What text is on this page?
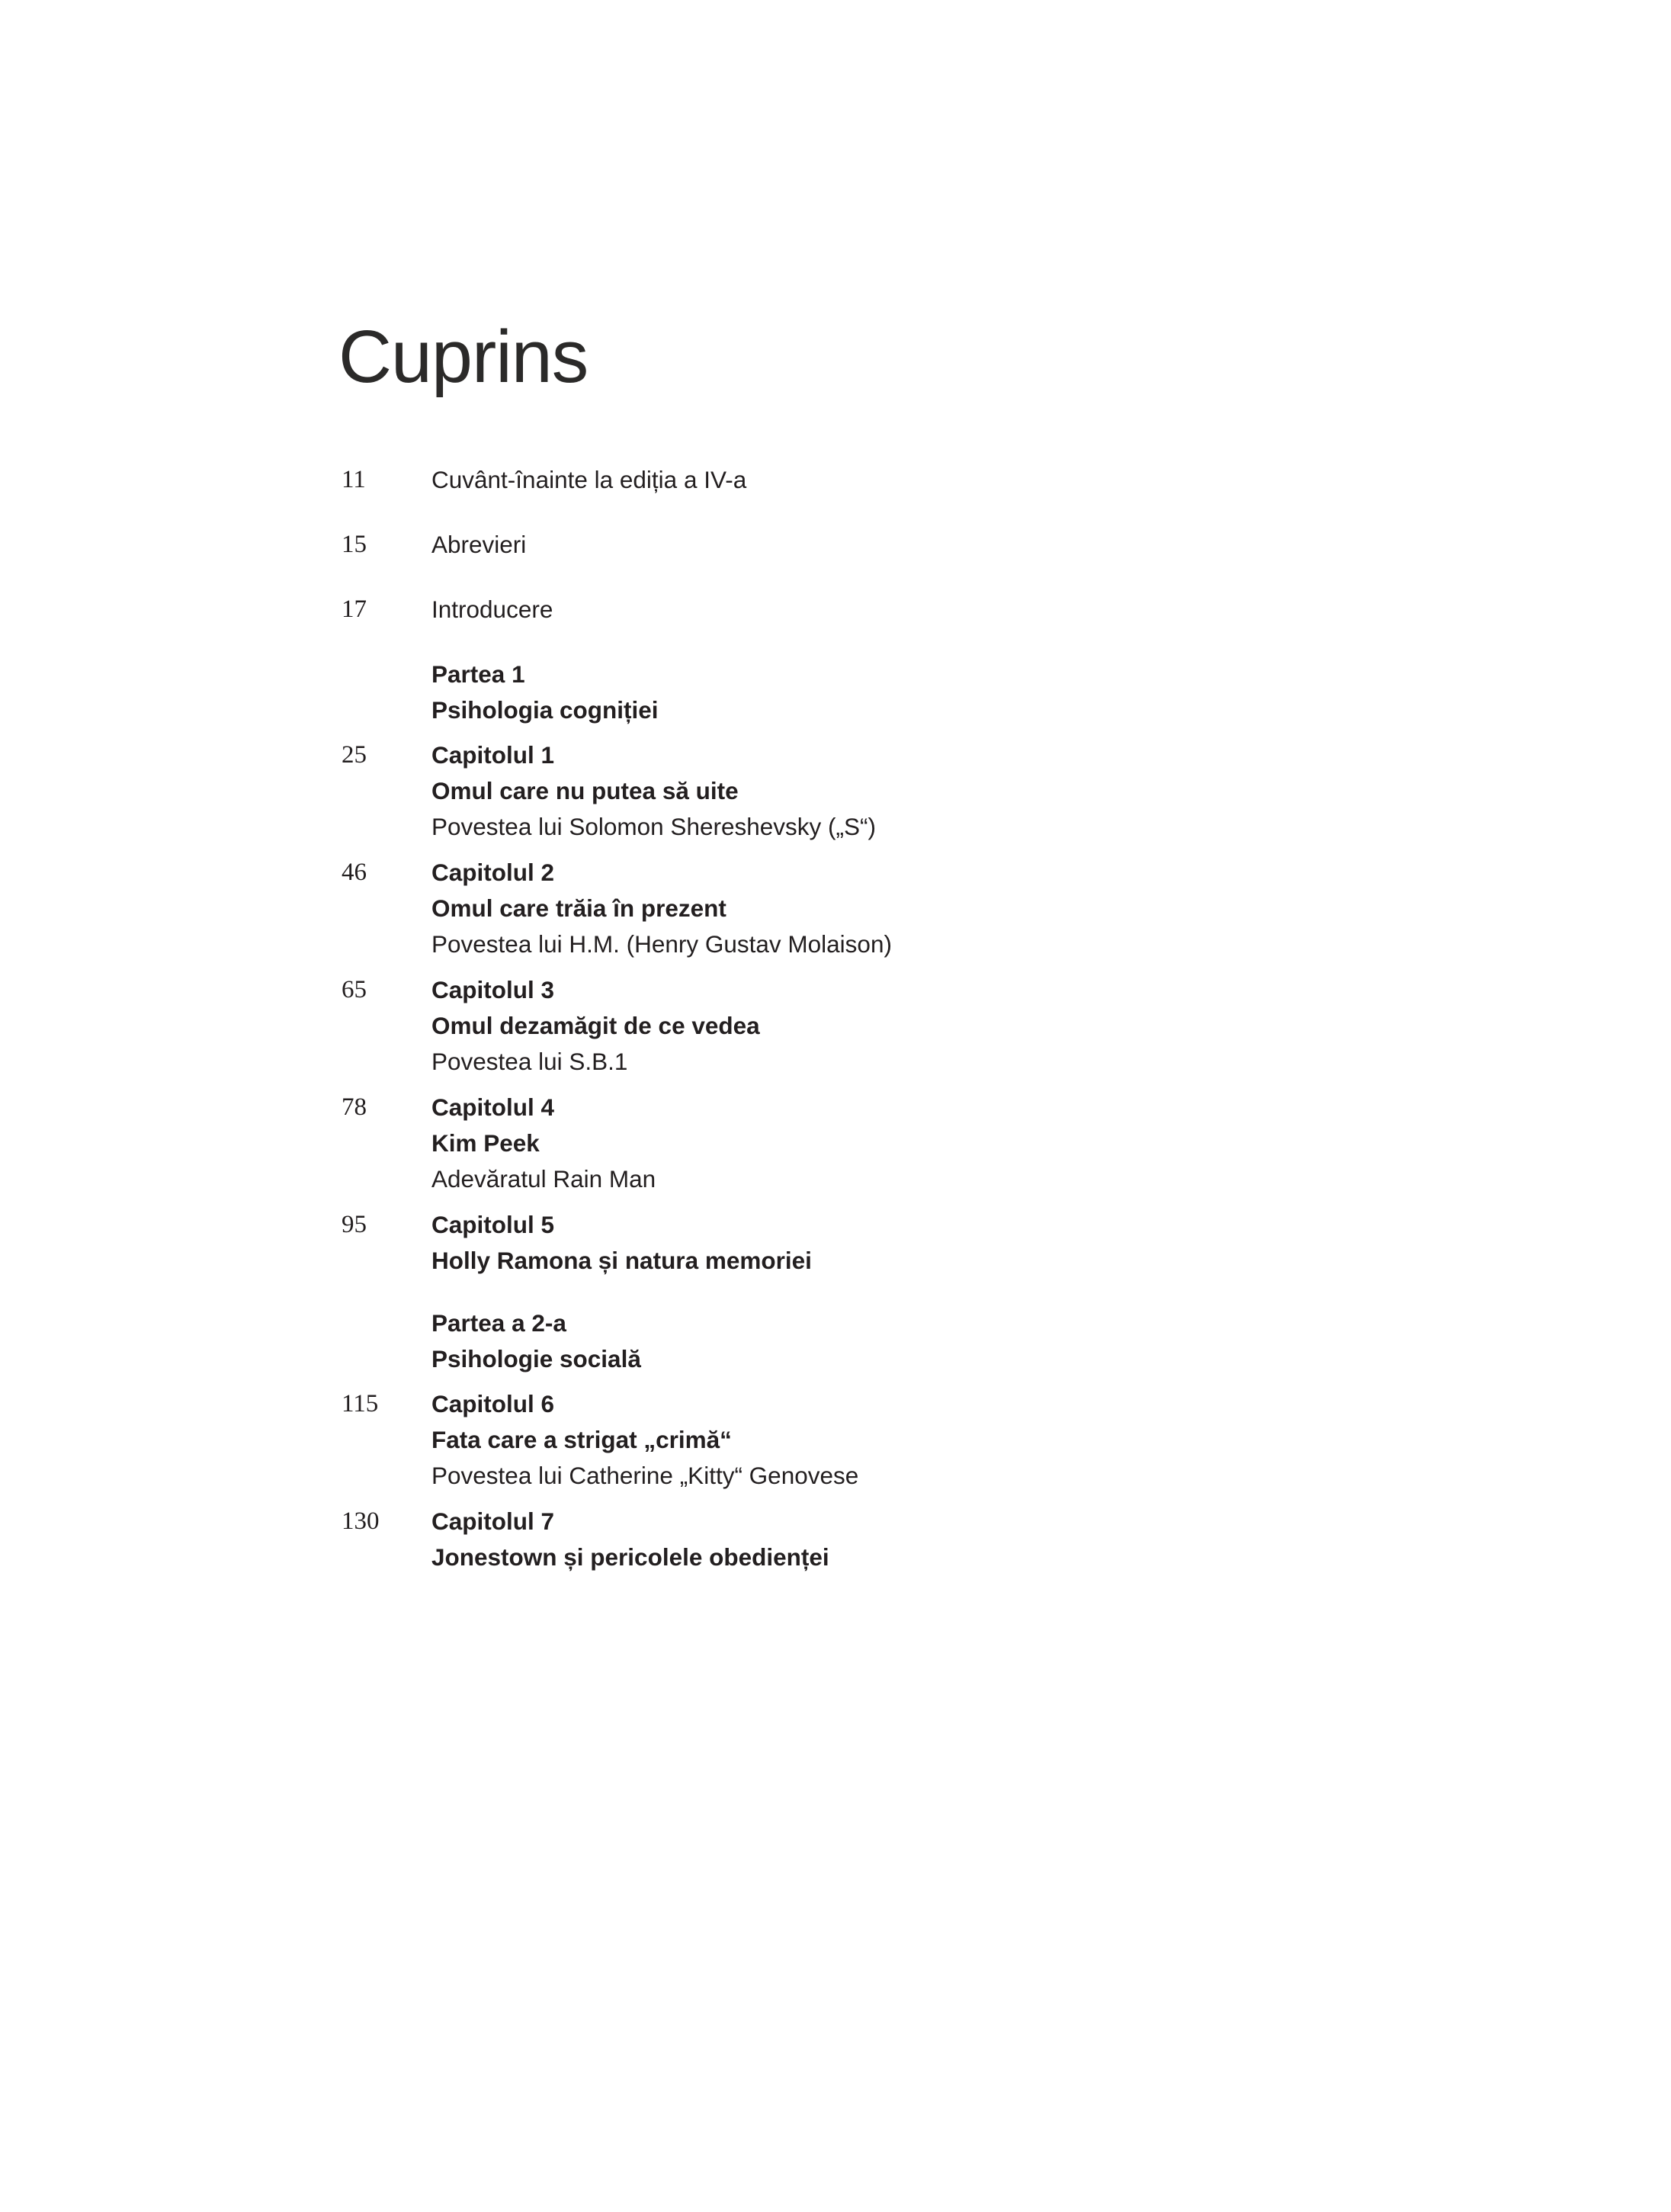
Cuprins
11	Cuvânt-înainte la ediția a IV-a
15	Abrevieri
17	Introducere
Partea 1
Psihologia cogniției
25	Capitolul 1
Omul care nu putea să uite
Povestea lui Solomon Shereshevsky („S“)
46	Capitolul 2
Omul care trăia în prezent
Povestea lui H.M. (Henry Gustav Molaison)
65	Capitolul 3
Omul dezamăgit de ce vedea
Povestea lui S.B.1
78	Capitolul 4
Kim Peek
Adevăratul Rain Man
95	Capitolul 5
Holly Ramona și natura memoriei
Partea a 2-a
Psihologie socială
115	Capitolul 6
Fata care a strigat „crimă“
Povestea lui Catherine „Kitty“ Genovese
130	Capitolul 7
Jonestown și pericolele obedienței
